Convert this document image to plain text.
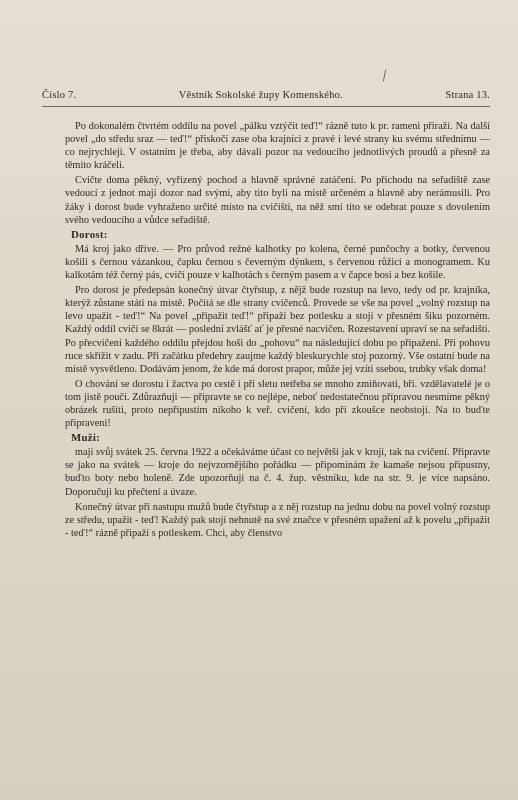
Číslo 7.	Věstník Sokolské župy Komenského.	Strana 13.

Po dokonalém čtvrtém oddílu na povel „pálku vztýčit teď!“ rázně tuto k pr. rameni přiraží. Na další povel „do středu sraz — teď!“ přiskočí zase oba krajníci z pravé i levé strany ku svému střednímu — co nejrychleji. V ostatním je třeba, aby dávali pozor na vedoucího jednotlivých proudů a přesně za těmito kráčeli.

Cvičte doma pěkný, vyřízený pochod a hlavně správné zatáčení. Po příchodu na seřadiště zase vedoucí z jednot mají dozor nad svými, aby tito byli na místě určeném a hlavně aby nerámusili. Pro žáky i dorost bude vyhraženo určité místo na cvičišti, na něž smí tito se odebrat pouze s dovolením svého vedoucího a vůdce seřadiště.

Dorost:

Má kroj jako dříve. — Pro průvod režné kalhotky po kolena, černé punčochy a botky, červenou košili s černou vázankou, čapku černou s čeverným dýnkem, s červenou růžicí a monogramem. Ku kalkotám též černý pás, cvičí pouze v kalhotách s černým pasem a v čapce bosi a bez košile.

Pro dorost je předepsán konečný útvar čtyřstup, z nějž bude rozstup na levo, tedy od pr. krajníka, kterýž zůstane státi na místě. Počítá se dle strany cvičenců. Provede se vše na povel „volný rozstup na levo upažit - teď!“ Na povel „připažit teď!“ připaží bez potlesku a stojí v přesném šiku pozorném. Každý oddíl cvičí se 8krát — poslední zvlášť ať je přesné nacvičen. Rozestavení upraví se na seřadišti. Po přecvičení každého oddílu přejdou hoši do „pohovu“ na následující dobu po připažení. Při pohovu ruce skřížit v zadu. Při začátku předehry zaujme každý bleskurychle stoj pozorný. Vše ostatní bude na místě vysvětleno. Dodávám jenom, že kde má dorost prapor, může jej vzíti ssebou, trubky však doma!

O chování se dorostu i žactva po cestě i při sletu netřeba se mnoho zmiňovati, bří. vzdělavatelé je o tom jistě poučí. Zdůrazňuji — připravte se co nejlépe, neboť nedostatečnou přípravou nesmíme pěkný obrázek rušiti, proto nepřipustím nikoho k veř. cvičení, kdo při zkoušce neobstojí. Na to buďte připraveni!

Muži:

mají svůj svátek 25. června 1922 a očekáváme účast co největší jak v kroji, tak na cvičení. Připravte se jako na svátek — kroje do nejvzornějšího pořádku — připomínám že kamaše nejsou přípustny, buďto boty nebo holeně. Zde upozorňuji na č. 4. žup. věstníku, kde na str. 9. je více napsáno. Doporučuji ku přečtení a úvaze.

Konečný útvar při nastupu mužů bude čtyřstup a z něj rozstup na jednu dobu na povel volný rozstup ze středu, upažit - teď! Každý pak stojí nehnutě na své značce v přesném upažení až k povelu „připažit - teď!“ rázně připaží s potleskem. Chci, aby členstvo
